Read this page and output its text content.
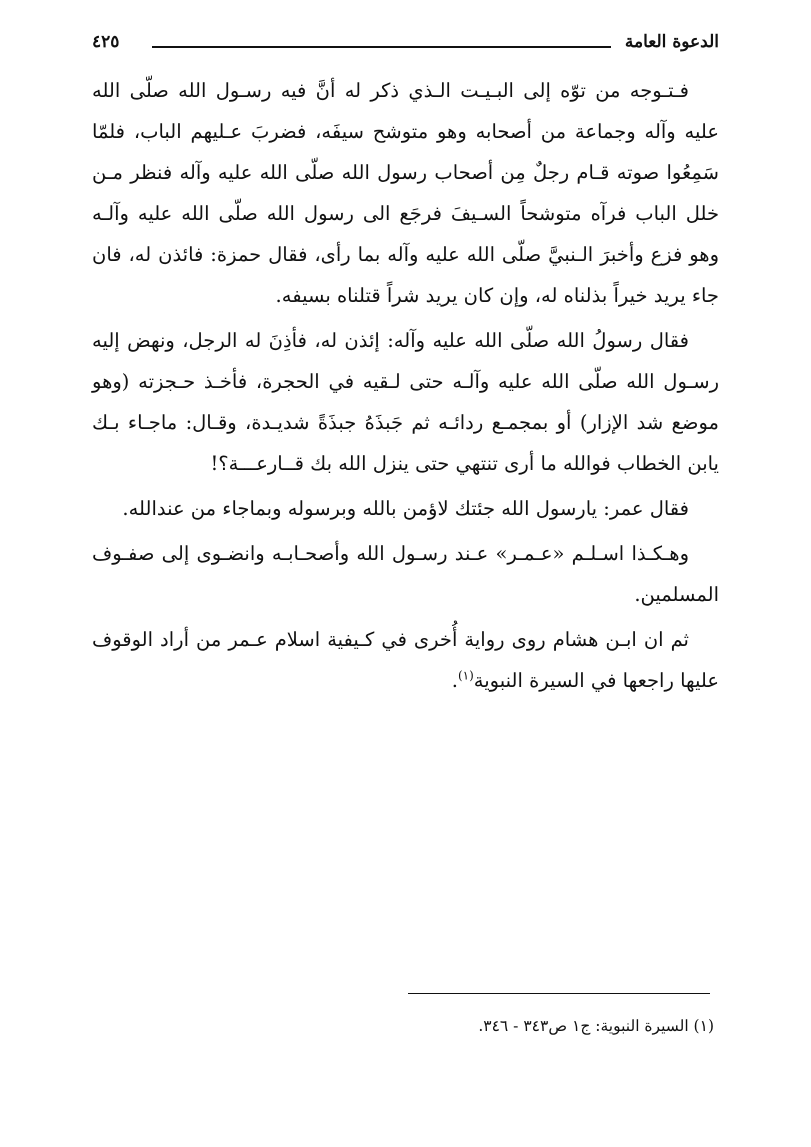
الدعوة العامة
٤٢٥

فـتـوجه من توّه إلى البـيـت الـذي ذكر له أنَّ فيه رسـول الله صلّى الله عليه وآله وجماعة من أصحابه وهو متوشح سيفَه، فضربَ عـليهم الباب، فلمّا سَمِعُوا صوته قـام رجلٌ مِن أصحاب رسول الله صلّى الله عليه وآله فنظر مـن خلل الباب فرآه متوشحاً السـيفَ فرجَع الى رسول الله صلّى الله عليه وآلـه وهو فزع وأخبرَ الـنبيَّ صلّى الله عليه وآله بما رأى، فقال حمزة: فائذن له، فان جاء يريد خيراً بذلناه له، وإن كان يريد شراً قتلناه بسيفه.

فقال رسولُ الله صلّى الله عليه وآله: إئذن له، فأذِنَ له الرجل، ونهض إليه رسـول الله صلّى الله عليه وآلـه حتى لـقيه في الحجرة، فأخـذ حـجزته (وهو موضع شد الإزار) أو بمجمـع ردائـه ثم جَبذَهُ جبذَةً شديـدة، وقـال: ماجـاء بـك يابن الخطاب فوالله ما أرى تنتهي حتى ينزل الله بك قــارعـــة؟!

فقال عمر: يارسول الله جئتك لاؤمن بالله وبرسوله وبماجاء من عندالله.

وهـكـذا اسـلـم «عـمـر» عـند رسـول الله وأصحـابـه وانضـوى إلى صفـوف المسلمين.

ثم ان ابـن هشام روى رواية أُخرى في كـيفية اسلام عـمر من أراد الوقوف عليها راجعها في السيرة النبوية$^{(١)}$.

(١) السيرة النبوية: ج١ ص٣٤٣ - ٣٤٦.
